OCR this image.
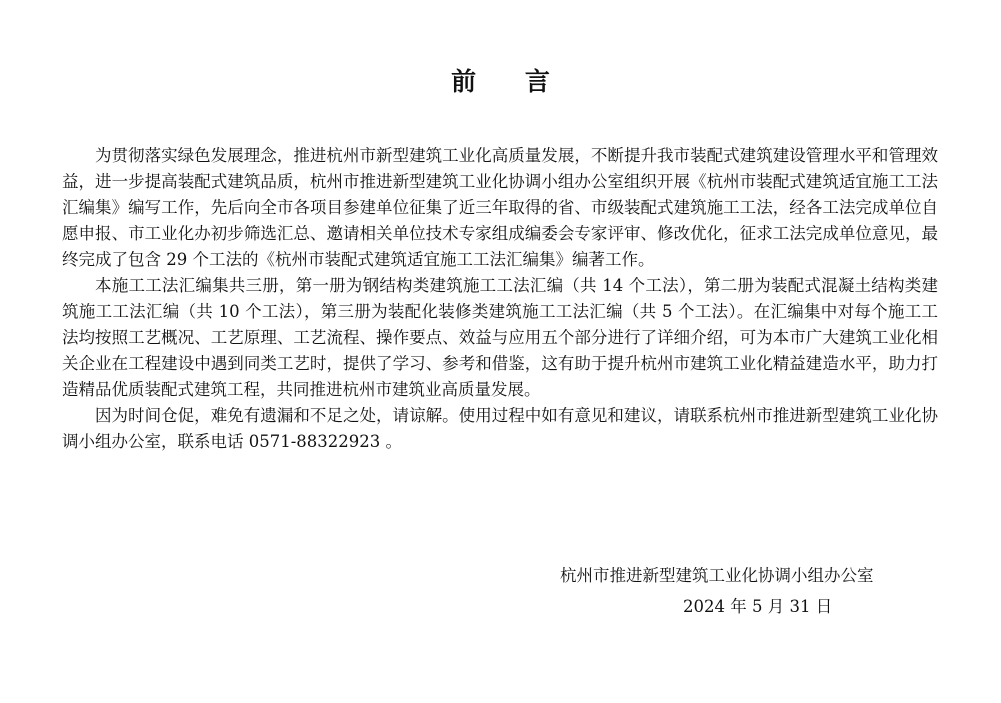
前 言

为贯彻落实绿色发展理念，推进杭州市新型建筑工业化高质量发展，不断提升我市装配式建筑建设管理水平和管理效益，进一步提高装配式建筑品质，杭州市推进新型建筑工业化协调小组办公室组织开展《杭州市装配式建筑适宜施工工法汇编集》编写工作，先后向全市各项目参建单位征集了近三年取得的省、市级装配式建筑施工工法，经各工法完成单位自愿申报、市工业化办初步筛选汇总、邀请相关单位技术专家组成编委会专家评审、修改优化，征求工法完成单位意见，最终完成了包含 29 个工法的《杭州市装配式建筑适宜施工工法汇编集》编著工作。

本施工工法汇编集共三册，第一册为钢结构类建筑施工工法汇编（共 14 个工法），第二册为装配式混凝土结构类建筑施工工法汇编（共 10 个工法），第三册为装配化装修类建筑施工工法汇编（共 5 个工法）。在汇编集中对每个施工工法均按照工艺概况、工艺原理、工艺流程、操作要点、效益与应用五个部分进行了详细介绍，可为本市广大建筑工业化相关企业在工程建设中遇到同类工艺时，提供了学习、参考和借鉴，这有助于提升杭州市建筑工业化精益建造水平，助力打造精品优质装配式建筑工程，共同推进杭州市建筑业高质量发展。

因为时间仓促，难免有遗漏和不足之处，请谅解。使用过程中如有意见和建议，请联系杭州市推进新型建筑工业化协调小组办公室，联系电话 0571-88322923 。

杭州市推进新型建筑工业化协调小组办公室
2024 年 5 月 31 日
